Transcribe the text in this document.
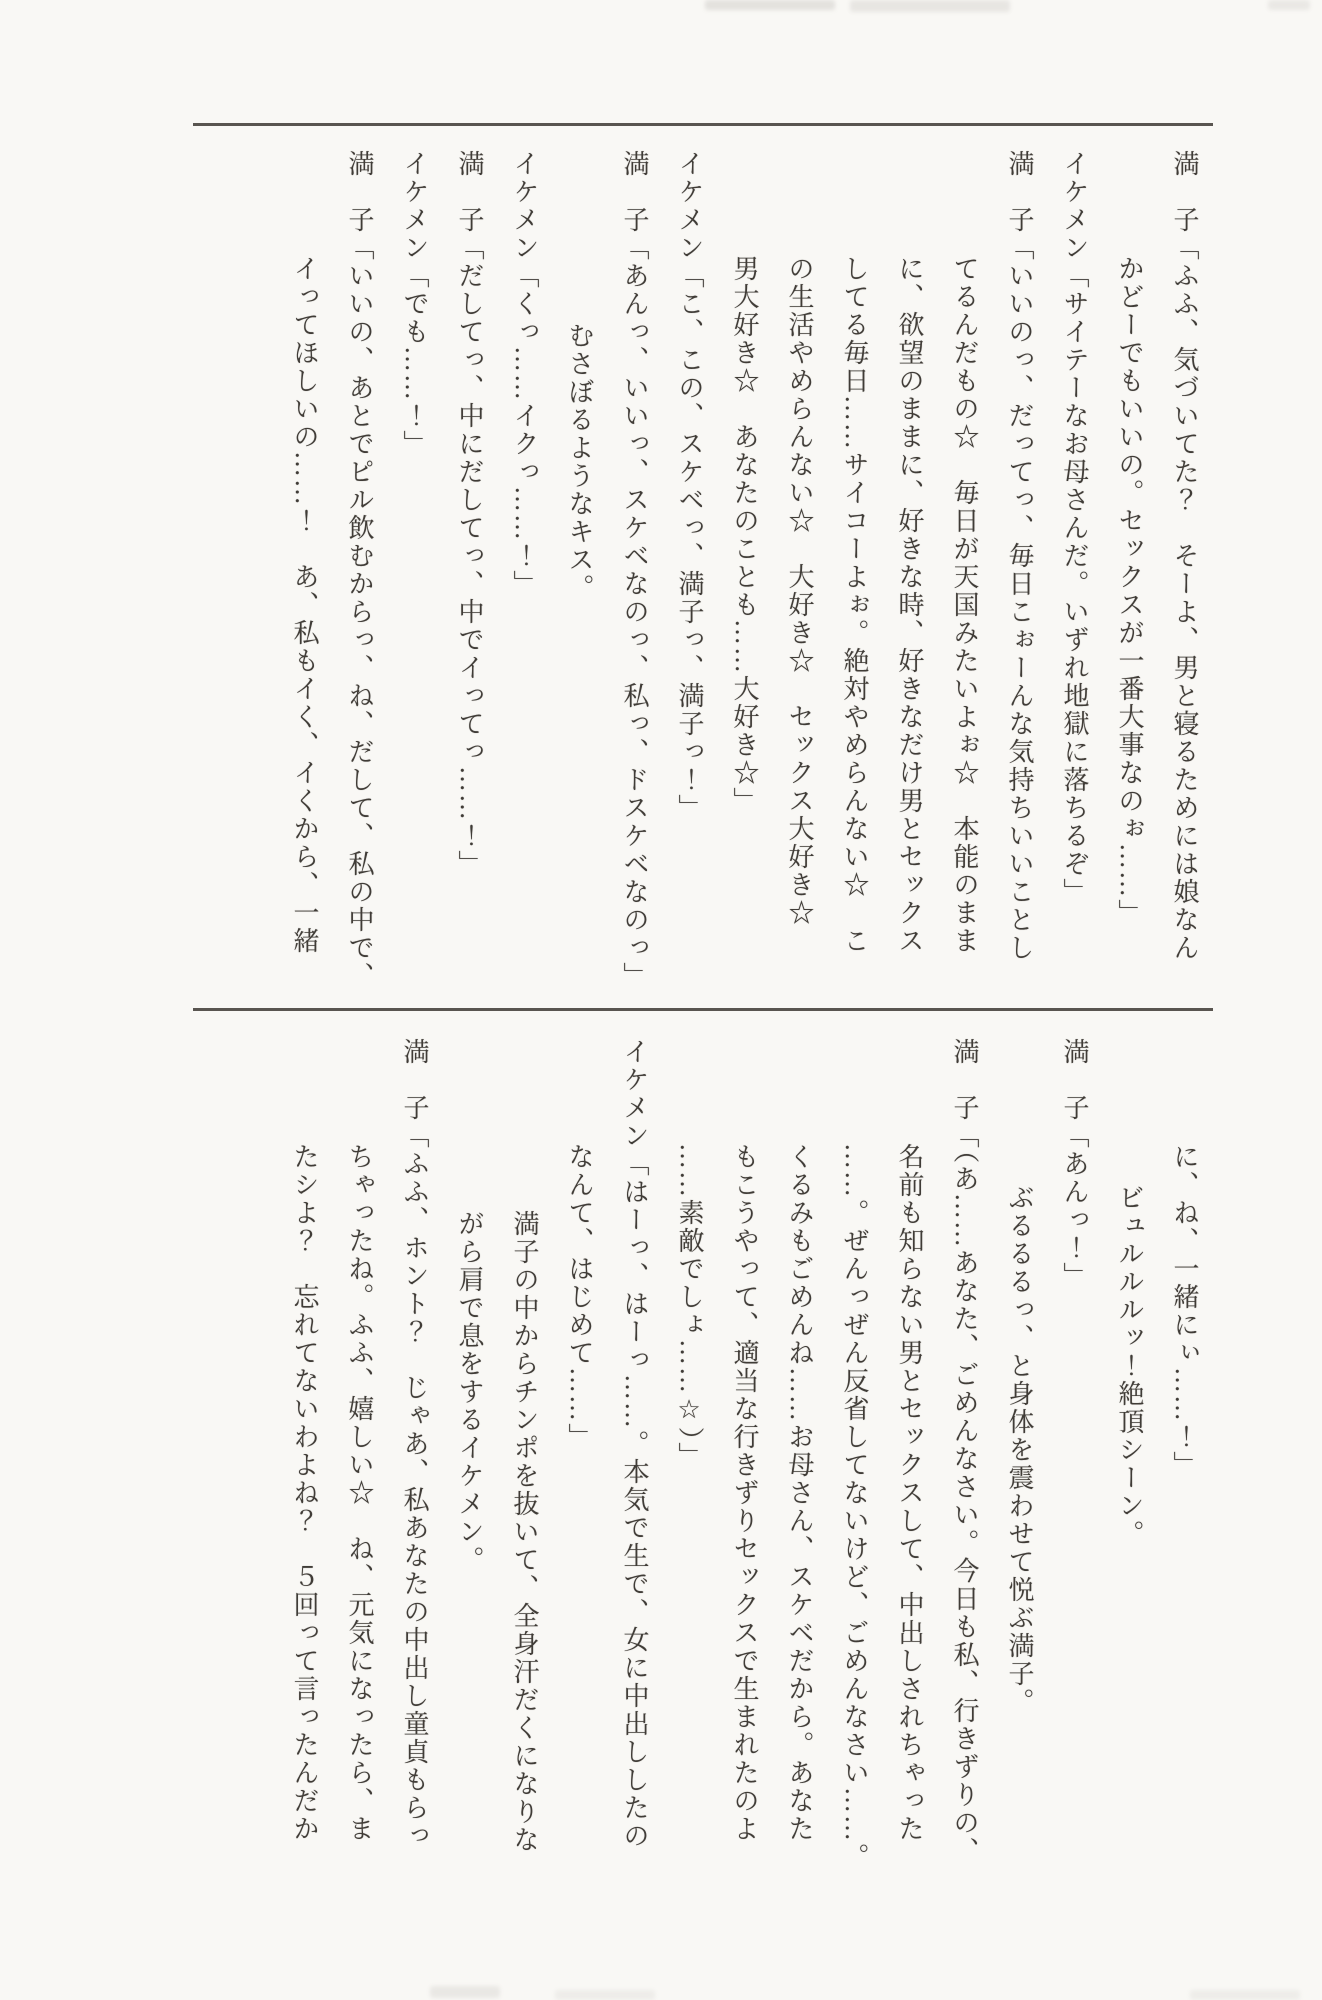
満　子「ふふ、気づいてた？　そーよ、男と寝るためには娘なん

かどーでもいいの。セックスが一番大事なのぉ……」

イケメン「サイテーなお母さんだ。いずれ地獄に落ちるぞ」

満　子「いいのっ、だってっ、毎日こぉーんな気持ちいいことし

てるんだもの☆　毎日が天国みたいよぉ☆　本能のまま

に、欲望のままに、好きな時、好きなだけ男とセックス

してる毎日……サイコーよぉ。絶対やめらんない☆　こ

の生活やめらんない☆　大好き☆　セックス大好き☆

男大好き☆　あなたのことも……大好き☆」

イケメン「こ、この、スケベっ、満子っ、満子っ！」

満　子「あんっ、いいっ、スケベなのっ、私っ、ドスケベなのっ」

むさぼるようなキス。

イケメン「くっ……イクっ……！」

満　子「だしてっ、中にだしてっ、中でイってっ……！」

イケメン「でも……！」

満　子「いいの、あとでピル飲むからっ、ね、だして、私の中で、

イってほしいの……！　あ、私もイく、イくから、一緒

に、ね、一緒にぃ……！」

ビュルルルッ！絶頂シーン。

満　子「あんっ！」

ぶるるるっ、と身体を震わせて悦ぶ満子。

満　子「（あ……あなた、ごめんなさい。今日も私、行きずりの、

名前も知らない男とセックスして、中出しされちゃった

……。ぜんっぜん反省してないけど、ごめんなさい……。

くるみもごめんね……お母さん、スケベだから。あなた

もこうやって、適当な行きずりセックスで生まれたのよ

……素敵でしょ……☆）」

イケメン「はーっ、はーっ……。本気で生で、女に中出ししたの

なんて、はじめて……」

満子の中からチンポを抜いて、全身汗だくになりな

がら肩で息をするイケメン。

満　子「ふふ、ホント？　じゃあ、私あなたの中出し童貞もらっ

ちゃったね。ふふ、嬉しい☆　ね、元気になったら、ま

たシよ？　忘れてないわよね？　５回って言ったんだか
